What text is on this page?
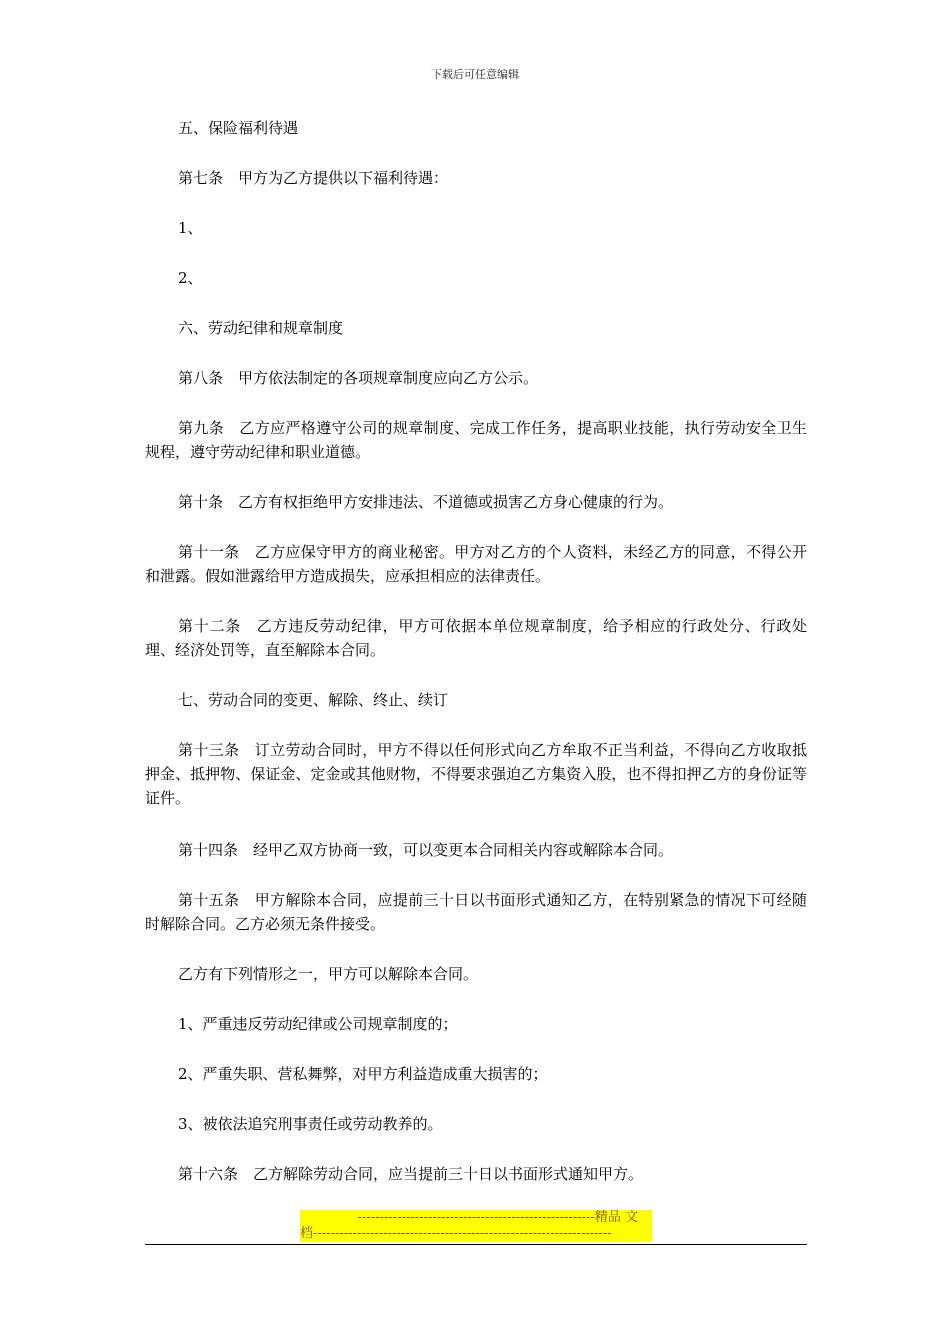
下载后可任意编辑

五、保险福利待遇

第七条　甲方为乙方提供以下福利待遇：

1、

2、

六、劳动纪律和规章制度

第八条　甲方依法制定的各项规章制度应向乙方公示。

第九条　乙方应严格遵守公司的规章制度、完成工作任务，提高职业技能，执行劳动安全卫生规程，遵守劳动纪律和职业道德。

第十条　乙方有权拒绝甲方安排违法、不道德或损害乙方身心健康的行为。

第十一条　乙方应保守甲方的商业秘密。甲方对乙方的个人资料，未经乙方的同意，不得公开和泄露。假如泄露给甲方造成损失，应承担相应的法律责任。

第十二条　乙方违反劳动纪律，甲方可依据本单位规章制度，给予相应的行政处分、行政处理、经济处罚等，直至解除本合同。

七、劳动合同的变更、解除、终止、续订

第十三条　订立劳动合同时，甲方不得以任何形式向乙方牟取不正当利益，不得向乙方收取抵押金、抵押物、保证金、定金或其他财物，不得要求强迫乙方集资入股，也不得扣押乙方的身份证等证件。

第十四条　经甲乙双方协商一致，可以变更本合同相关内容或解除本合同。

第十五条　甲方解除本合同，应提前三十日以书面形式通知乙方，在特别紧急的情况下可经随时解除合同。乙方必须无条件接受。

乙方有下列情形之一，甲方可以解除本合同。

1、严重违反劳动纪律或公司规章制度的；

2、严重失职、营私舞弊，对甲方利益造成重大损害的；

3、被依法追究刑事责任或劳动教养的。

第十六条　乙方解除劳动合同，应当提前三十日以书面形式通知甲方。

------------------------------------------------------精品 文
档--------------------------------------------------------------------
